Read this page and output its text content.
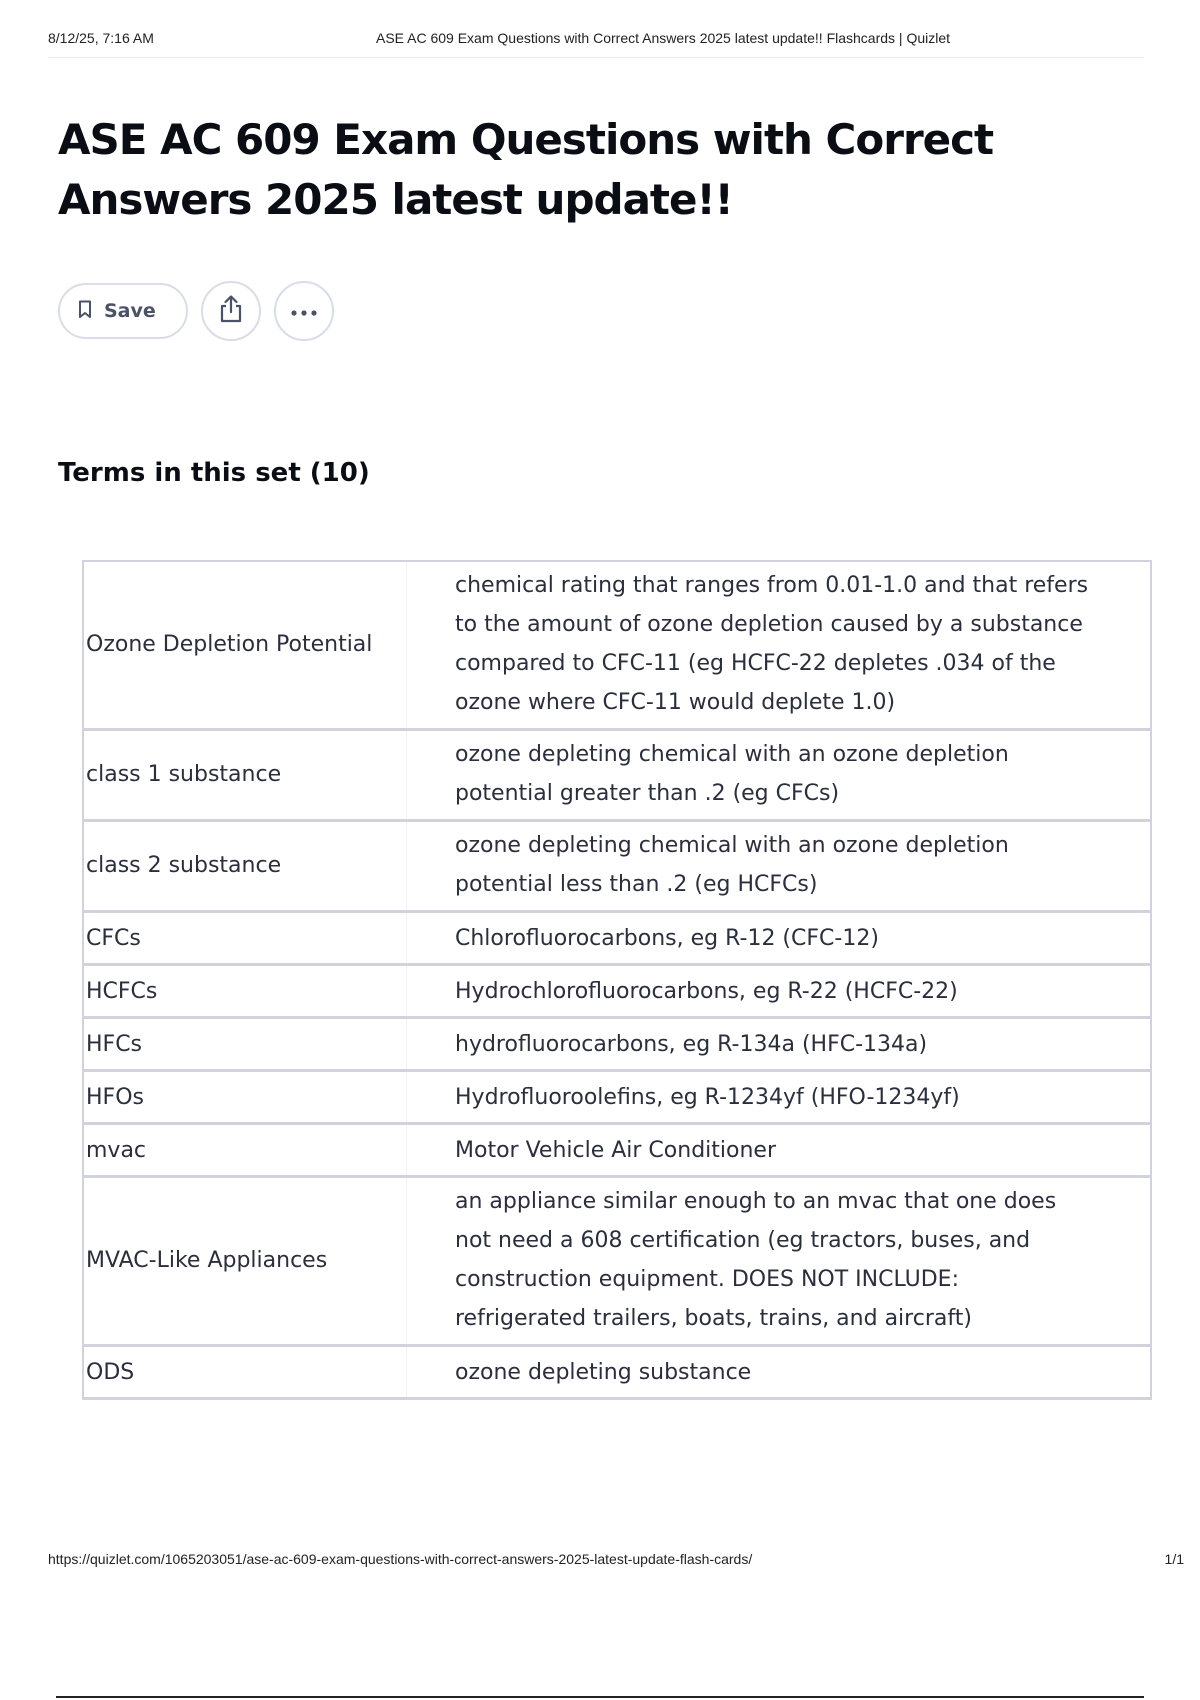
8/12/25, 7:16 AM	ASE AC 609 Exam Questions with Correct Answers 2025 latest update!! Flashcards | Quizlet
ASE AC 609 Exam Questions with Correct Answers 2025 latest update!!
Save
Terms in this set (10)
Ozone Depletion Potential	chemical rating that ranges from 0.01-1.0 and that refers to the amount of ozone depletion caused by a substance compared to CFC-11 (eg HCFC-22 depletes .034 of the ozone where CFC-11 would deplete 1.0)
class 1 substance	ozone depleting chemical with an ozone depletion potential greater than .2 (eg CFCs)
class 2 substance	ozone depleting chemical with an ozone depletion potential less than .2 (eg HCFCs)
CFCs	Chlorofluorocarbons, eg R-12 (CFC-12)
HCFCs	Hydrochlorofluorocarbons, eg R-22 (HCFC-22)
HFCs	hydrofluorocarbons, eg R-134a (HFC-134a)
HFOs	Hydrofluoroolefins, eg R-1234yf (HFO-1234yf)
mvac	Motor Vehicle Air Conditioner
MVAC-Like Appliances	an appliance similar enough to an mvac that one does not need a 608 certification (eg tractors, buses, and construction equipment. DOES NOT INCLUDE: refrigerated trailers, boats, trains, and aircraft)
ODS	ozone depleting substance
https://quizlet.com/1065203051/ase-ac-609-exam-questions-with-correct-answers-2025-latest-update-flash-cards/	1/1
